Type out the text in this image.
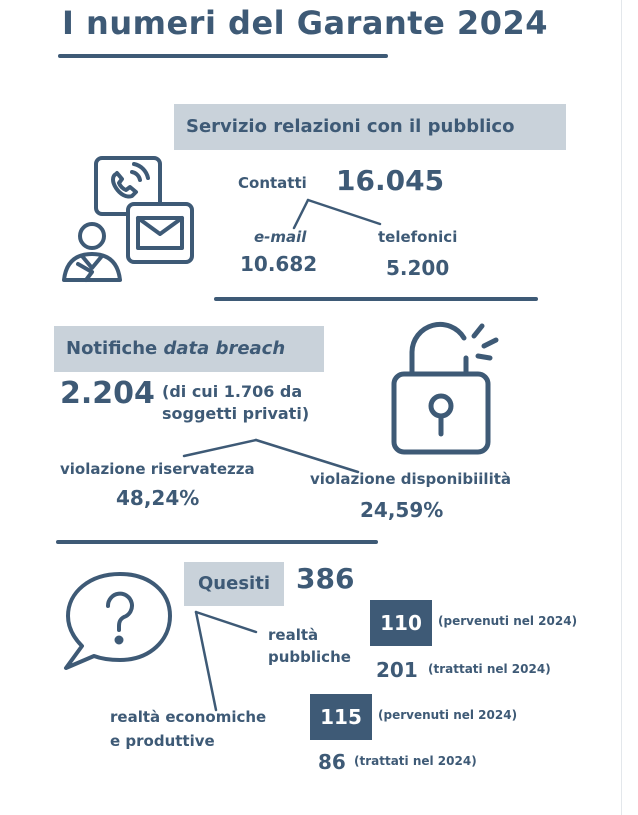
I numeri del Garante 2024
Servizio relazioni con il pubblico
Contatti 16.045
e-mail	telefonici
10.682	5.200
Notifiche data breach
2.204 (di cui 1.706 da
soggetti privati)
violazione riservatezza
48,24%
violazione disponibiilità
24,59%
Quesiti 386
realtà
pubbliche
110	(pervenuti nel 2024)
201 (trattati nel 2024)
realtà economiche
e produttive
115	(pervenuti nel 2024)
86 (trattati nel 2024)
